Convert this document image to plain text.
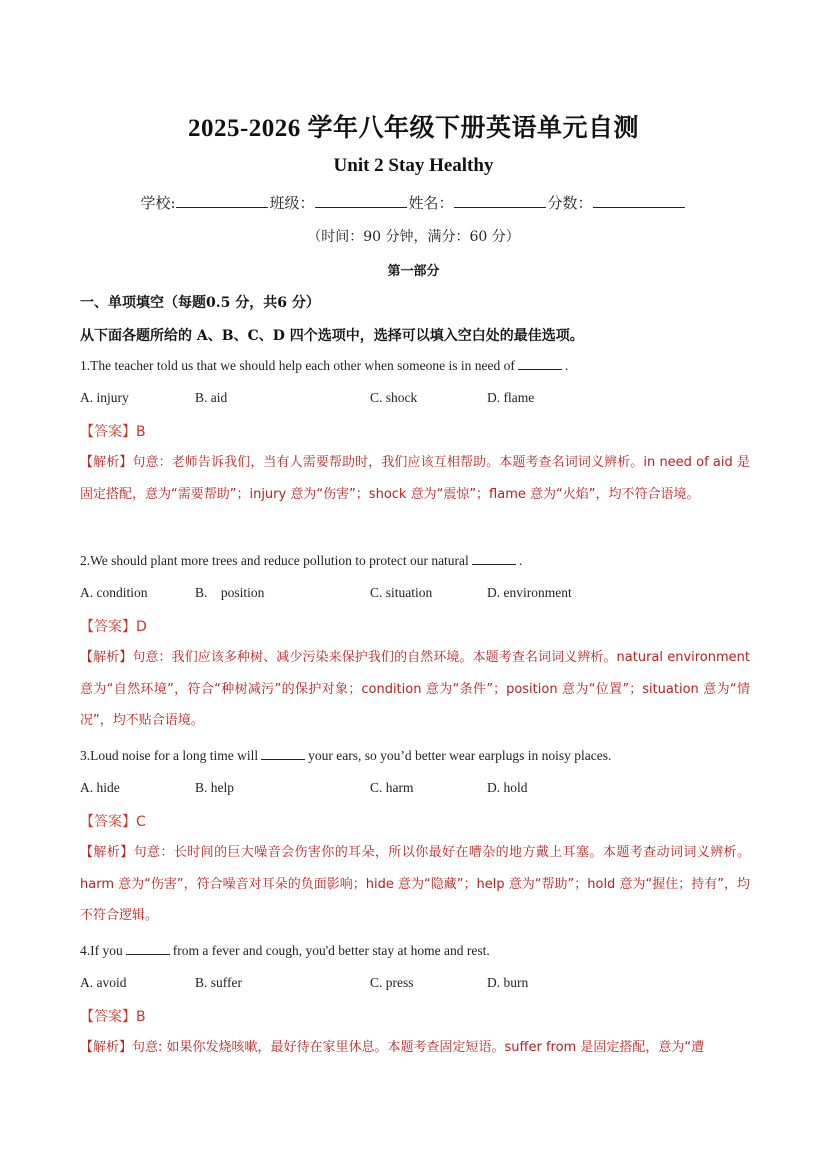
2025-2026 学年八年级下册英语单元自测
Unit 2 Stay Healthy
学校:	班级：	姓名：	分数：
（时间：90 分钟，满分：60 分）
第一部分
一、单项填空（每题0.5 分，共6 分）
从下面各题所给的 A、B、C、D 四个选项中，选择可以填入空白处的最佳选项。
1.The teacher told us that we should help each other when someone is in need of	.
A. injury	B. aid	C. shock	D. flame
【答案】B
【解析】句意：老师告诉我们，当有人需要帮助时，我们应该互相帮助。本题考查名词词义辨析。in need of aid 是固定搭配，意为“需要帮助”；injury 意为“伤害”；shock 意为“震惊”；flame 意为“火焰”，均不符合语境。
2.We should plant more trees and reduce pollution to protect our natural	.
A. condition	B.    position	C. situation	D. environment
【答案】D
【解析】句意：我们应该多种树、减少污染来保护我们的自然环境。本题考查名词词义辨析。natural environment 意为“自然环境”，符合“种树减污”的保护对象；condition 意为“条件”；position 意为“位置”；situation 意为“情况”，均不贴合语境。
3.Loud noise for a long time will	your ears, so you’d better wear earplugs in noisy places.
A. hide	B. help	C. harm	D. hold
【答案】C
【解析】句意：长时间的巨大噪音会伤害你的耳朵，所以你最好在嘈杂的地方戴上耳塞。本题考查动词词义辨析。harm 意为“伤害”，符合噪音对耳朵的负面影响；hide 意为“隐藏”；help 意为“帮助”；hold 意为“握住；持有”，均不符合逻辑。
4.If you	from a fever and cough, you'd better stay at home and rest.
A. avoid	B. suffer	C. press	D. burn
【答案】B
【解析】句意: 如果你发烧咳嗽，最好待在家里休息。本题考查固定短语。suffer from 是固定搭配，意为“遭
